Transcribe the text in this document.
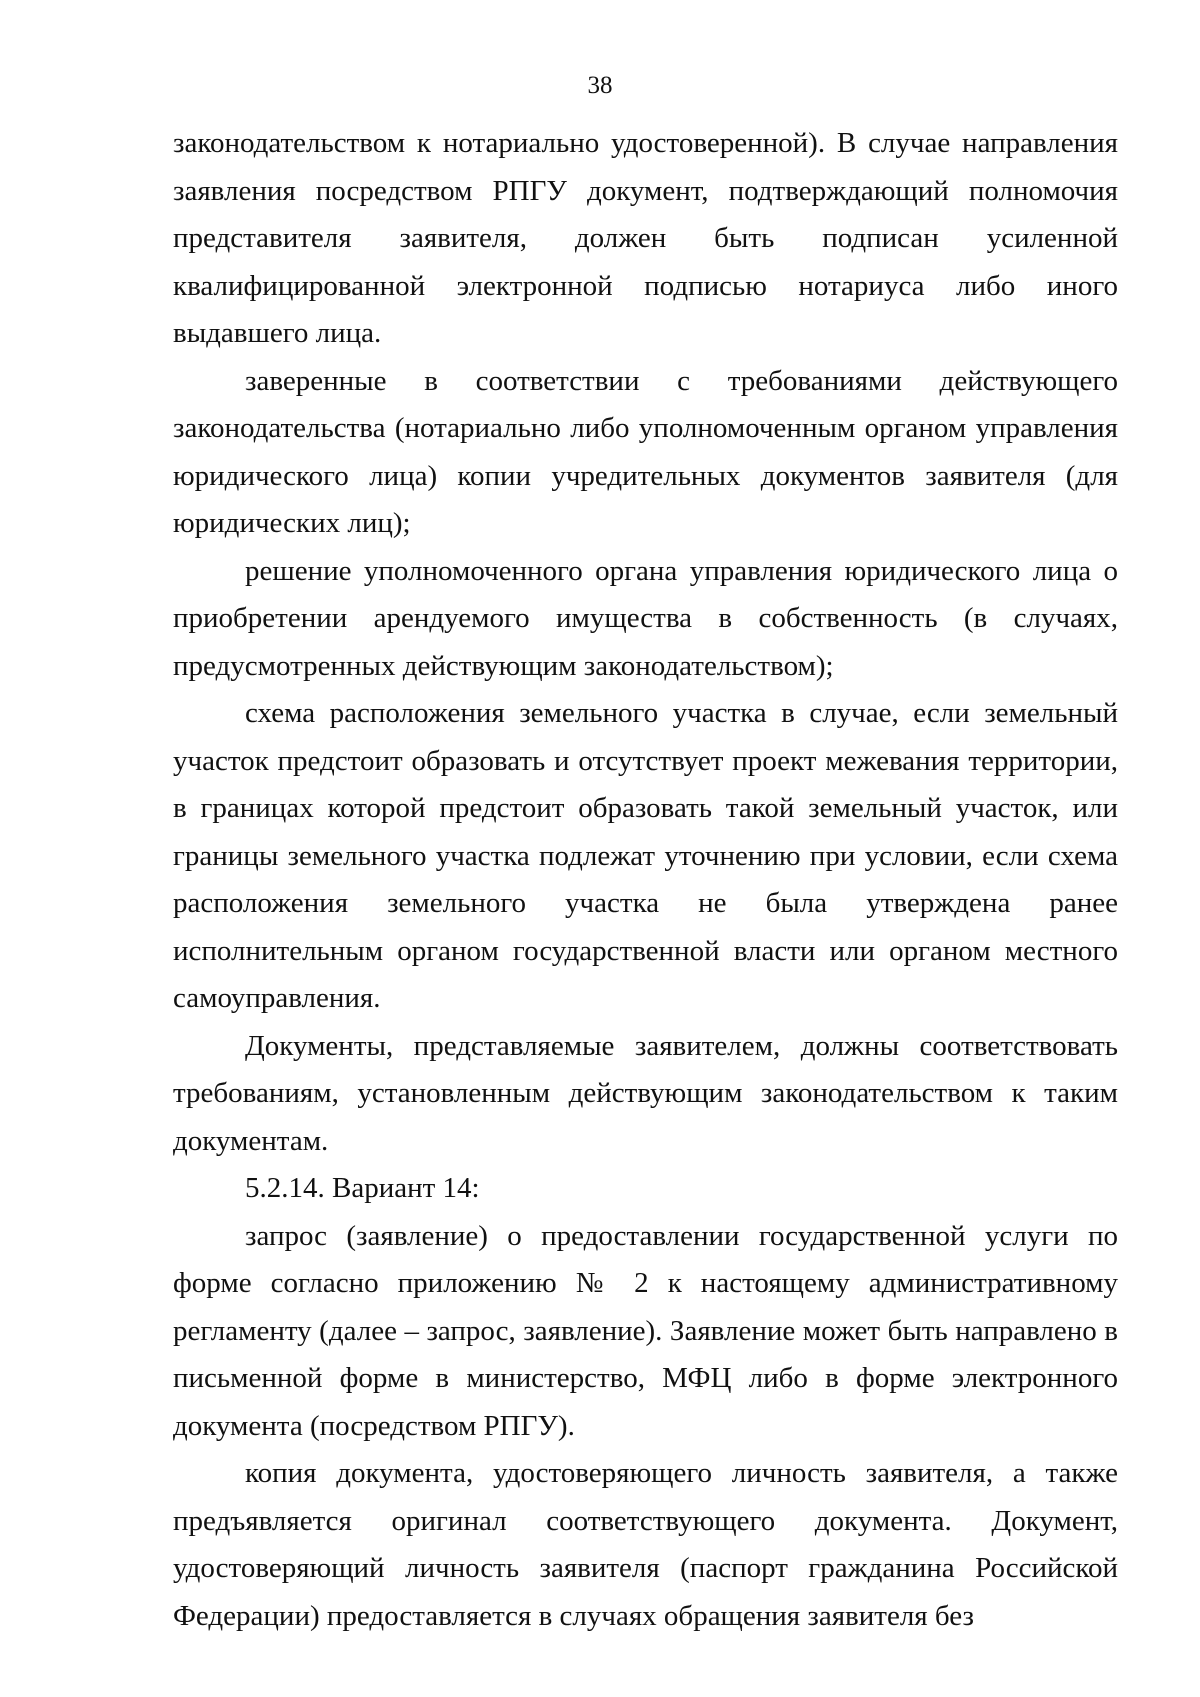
38

законодательством к нотариально удостоверенной). В случае направления заявления посредством РПГУ документ, подтверждающий полномочия представителя заявителя, должен быть подписан усиленной квалифицированной электронной подписью нотариуса либо иного выдавшего лица.

заверенные в соответствии с требованиями действующего законодательства (нотариально либо уполномоченным органом управления юридического лица) копии учредительных документов заявителя (для юридических лиц);

решение уполномоченного органа управления юридического лица о приобретении арендуемого имущества в собственность (в случаях, предусмотренных действующим законодательством);

схема расположения земельного участка в случае, если земельный участок предстоит образовать и отсутствует проект межевания территории, в границах которой предстоит образовать такой земельный участок, или границы земельного участка подлежат уточнению при условии, если схема расположения земельного участка не была утверждена ранее исполнительным органом государственной власти или органом местного самоуправления.

Документы, представляемые заявителем, должны соответствовать требованиям, установленным действующим законодательством к таким документам.

5.2.14. Вариант 14:

запрос (заявление) о предоставлении государственной услуги по форме согласно приложению № 2 к настоящему административному регламенту (далее – запрос, заявление). Заявление может быть направлено в письменной форме в министерство, МФЦ либо в форме электронного документа (посредством РПГУ).

копия документа, удостоверяющего личность заявителя, а также предъявляется оригинал соответствующего документа. Документ, удостоверяющий личность заявителя (паспорт гражданина Российской Федерации) предоставляется в случаях обращения заявителя без
